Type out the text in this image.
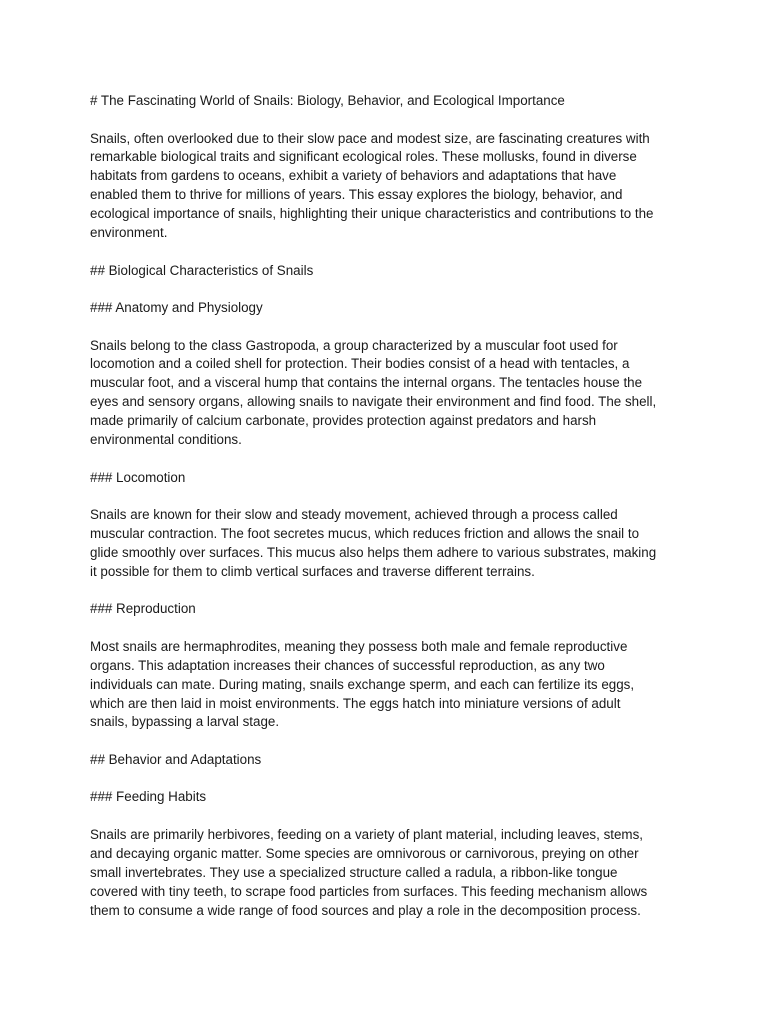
# The Fascinating World of Snails: Biology, Behavior, and Ecological Importance

Snails, often overlooked due to their slow pace and modest size, are fascinating creatures with
remarkable biological traits and significant ecological roles. These mollusks, found in diverse
habitats from gardens to oceans, exhibit a variety of behaviors and adaptations that have
enabled them to thrive for millions of years. This essay explores the biology, behavior, and
ecological importance of snails, highlighting their unique characteristics and contributions to the
environment.

## Biological Characteristics of Snails

### Anatomy and Physiology

Snails belong to the class Gastropoda, a group characterized by a muscular foot used for
locomotion and a coiled shell for protection. Their bodies consist of a head with tentacles, a
muscular foot, and a visceral hump that contains the internal organs. The tentacles house the
eyes and sensory organs, allowing snails to navigate their environment and find food. The shell,
made primarily of calcium carbonate, provides protection against predators and harsh
environmental conditions.

### Locomotion

Snails are known for their slow and steady movement, achieved through a process called
muscular contraction. The foot secretes mucus, which reduces friction and allows the snail to
glide smoothly over surfaces. This mucus also helps them adhere to various substrates, making
it possible for them to climb vertical surfaces and traverse different terrains.

### Reproduction

Most snails are hermaphrodites, meaning they possess both male and female reproductive
organs. This adaptation increases their chances of successful reproduction, as any two
individuals can mate. During mating, snails exchange sperm, and each can fertilize its eggs,
which are then laid in moist environments. The eggs hatch into miniature versions of adult
snails, bypassing a larval stage.

## Behavior and Adaptations

### Feeding Habits

Snails are primarily herbivores, feeding on a variety of plant material, including leaves, stems,
and decaying organic matter. Some species are omnivorous or carnivorous, preying on other
small invertebrates. They use a specialized structure called a radula, a ribbon-like tongue
covered with tiny teeth, to scrape food particles from surfaces. This feeding mechanism allows
them to consume a wide range of food sources and play a role in the decomposition process.
